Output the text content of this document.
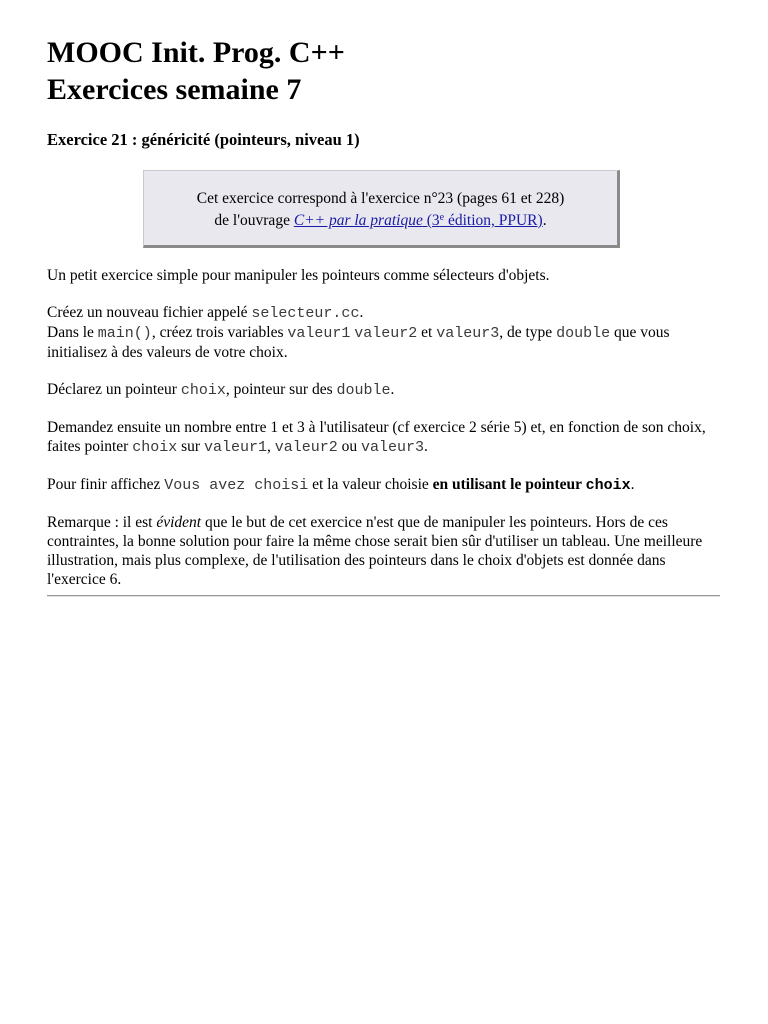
MOOC Init. Prog. C++
Exercices semaine 7
Exercice 21 : généricité (pointeurs, niveau 1)
Cet exercice correspond à l'exercice n°23 (pages 61 et 228)
de l'ouvrage C++ par la pratique (3e édition, PPUR).

Un petit exercice simple pour manipuler les pointeurs comme sélecteurs d'objets.

Créez un nouveau fichier appelé selecteur.cc.
Dans le main(), créez trois variables valeur1 valeur2 et valeur3, de type double que vous initialisez à des valeurs de votre choix.

Déclarez un pointeur choix, pointeur sur des double.

Demandez ensuite un nombre entre 1 et 3 à l'utilisateur (cf exercice 2 série 5) et, en fonction de son choix, faites pointer choix sur valeur1, valeur2 ou valeur3.

Pour finir affichez Vous avez choisi et la valeur choisie en utilisant le pointeur choix.

Remarque : il est évident que le but de cet exercice n'est que de manipuler les pointeurs. Hors de ces contraintes, la bonne solution pour faire la même chose serait bien sûr d'utiliser un tableau. Une meilleure illustration, mais plus complexe, de l'utilisation des pointeurs dans le choix d'objets est donnée dans l'exercice 6.
